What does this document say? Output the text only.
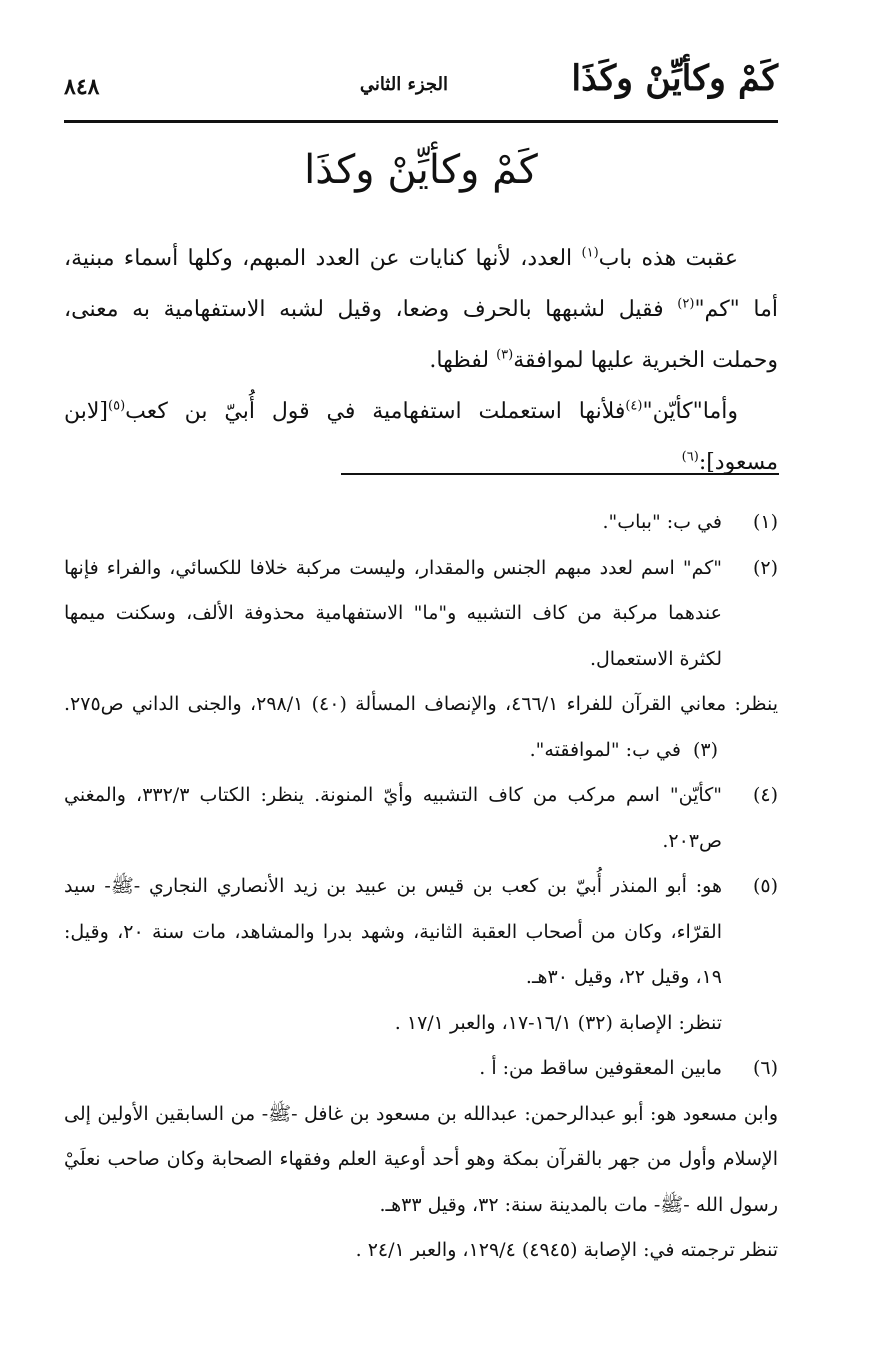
كَمْ وكأيِّنْ وكَذَا
الجزء الثاني
٨٤٨
كَمْ وكأيِّنْ وكذَا

عقبت هذه باب$^{(١)}$ العدد، لأنها كنايات عن العدد المبهم، وكلها أسماء مبنية، أما "كم"$^{(٢)}$ فقيل لشبهها بالحرف وضعا، وقيل لشبه الاستفهامية به معنى، وحملت الخبرية عليها لموافقة$^{(٣)}$ لفظها.

وأما"كأيّن"$^{(٤)}$فلأنها استعملت استفهامية في قول أُبيّ بن كعب$^{(٥)}$[لابن مسعود]:$^{(٦)}$

(١)
في ب: "بباب".
(٢)
"كم" اسم لعدد مبهم الجنس والمقدار، وليست مركبة خلافا للكسائي، والفراء فإنها عندهما مركبة من كاف التشبيه و"ما" الاستفهامية محذوفة الألف، وسكنت ميمها لكثرة الاستعمال.

ينظر: معاني القرآن للفراء ٤٦٦/١، والإنصاف المسألة (٤٠) ٢٩٨/١، والجنى الداني ص٢٧٥.(٣)في ب: "لموافقته".

(٤)
"كأيّن" اسم مركب من كاف التشبيه وأيّ المنونة. ينظر: الكتاب ٣٣٢/٣، والمغني ص٢٠٣.
(٥)

هو: أبو المنذر أُبيّ بن كعب بن قيس بن عبيد بن زيد الأنصاري النجاري -ﷺ- سيد القرّاء، وكان من أصحاب العقبة الثانية، وشهد بدرا والمشاهد، مات سنة ٢٠، وقيل: ١٩، وقيل ٢٢، وقيل ٣٠هـ.

تنظر: الإصابة (٣٢) ١٦/١-١٧، والعبر ١٧/١ .

(٦)
مابين المعقوفين ساقط من: أ .

وابن مسعود هو: أبو عبدالرحمن: عبدالله بن مسعود بن غافل -ﷺ- من السابقين الأولين إلى الإسلام وأول من جهر بالقرآن بمكة وهو أحد أوعية العلم وفقهاء الصحابة وكان صاحب نعلَيْ رسول الله -ﷺ- مات بالمدينة سنة: ٣٢، وقيل ٣٣هـ.

تنظر ترجمته في: الإصابة (٤٩٤٥) ١٢٩/٤، والعبر ٢٤/١ .
